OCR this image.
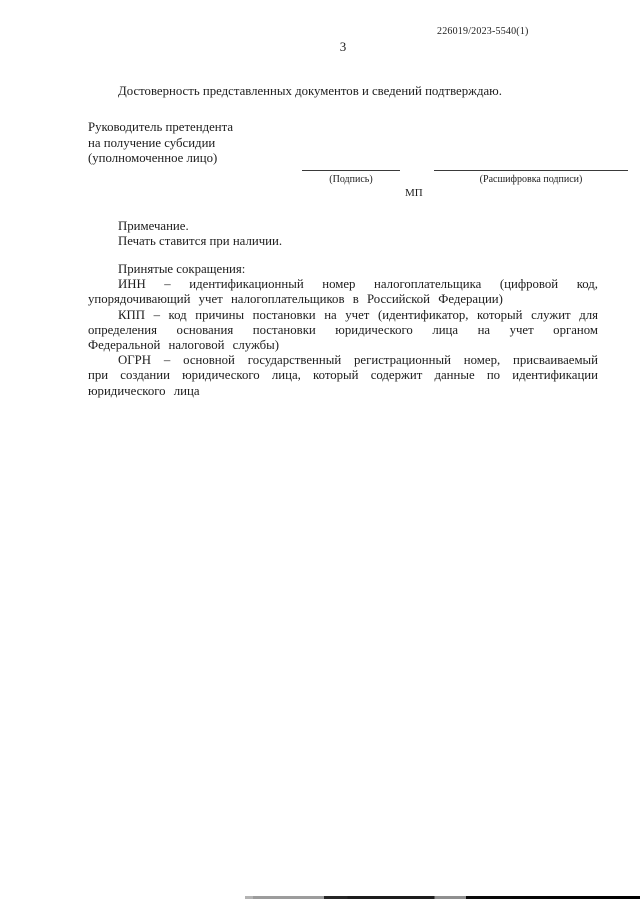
226019/2023-5540(1)
3

Достоверность представленных документов и сведений подтверждаю.

Руководитель претендента
на получение субсидии
(уполномоченное лицо)
(Подпись)
МП
(Расшифровка подписи)
Примечание.
Печать ставится при наличии.
Принятые сокращения:

ИНН – идентификационный номер налогоплательщика (цифровой код, упорядочивающий учет налогоплательщиков в Российской Федерации)

КПП – код причины постановки на учет (идентификатор, который служит для определения основания постановки юридического лица на учет органом Федеральной налоговой службы)

ОГРН – основной государственный регистрационный номер, присваиваемый при создании юридического лица, который содержит данные по идентификации юридического лица
